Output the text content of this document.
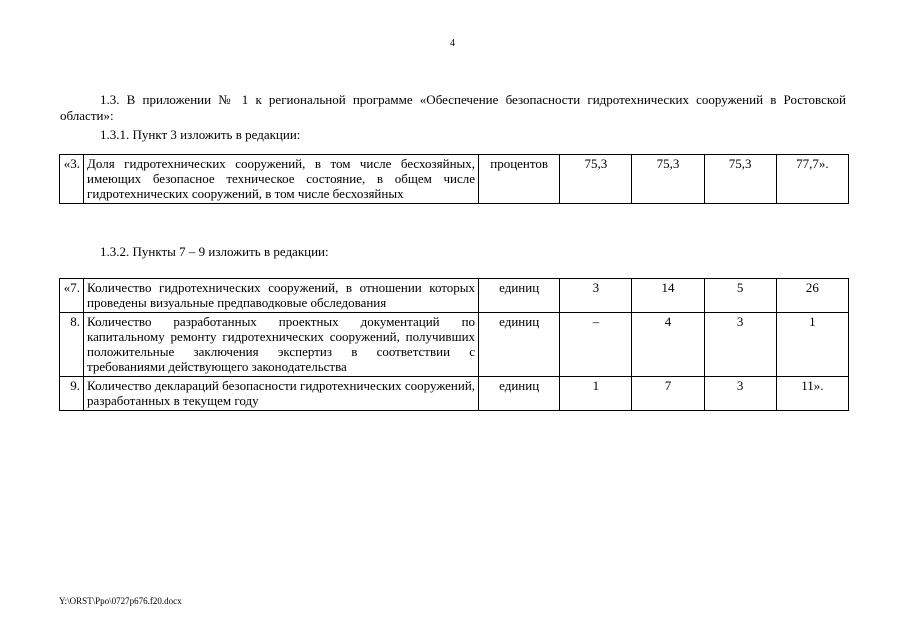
4
1.3. В приложении № 1 к региональной программе «Обеспечение безопасности гидротехнических сооружений в Ростовской области»:
1.3.1. Пункт 3 изложить в редакции:
«3.	Доля гидротехнических сооружений, в том числе бесхозяйных, имеющих безопасное техническое состояние, в общем числе гидротехнических сооружений, в том числе бесхозяйных	процентов	75,3	75,3	75,3	77,7».
1.3.2. Пункты 7 – 9 изложить в редакции:
«7.	Количество гидротехнических сооружений, в отношении которых проведены визуальные предпаводковые обследования	единиц	3	14	5	26
8.	Количество разработанных проектных документаций по капитальному ремонту гидротехнических сооружений, получивших положительные заключения экспертиз в соответствии с требованиями действующего законодательства	единиц	–	4	3	1
9.	Количество деклараций безопасности гидротехнических сооружений, разработанных в текущем году	единиц	1	7	3	11».
Y:\ORST\Ppo\0727p676.f20.docx
